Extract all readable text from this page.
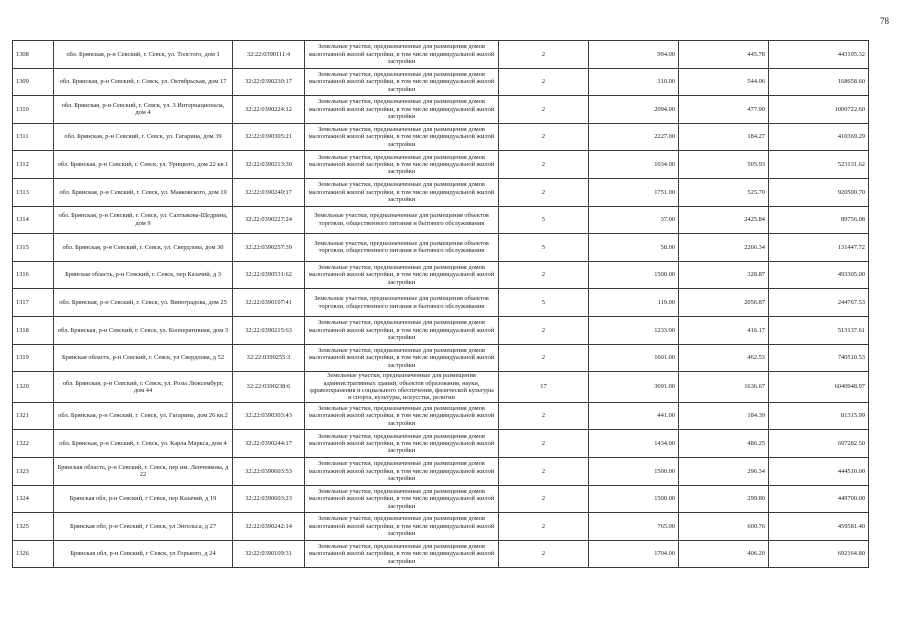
78
1308	обл. Брянская, р-н Севский, г. Севск, ул. Толстого, дом 1	32:22:0390111:4	Земельные участки, предназначенные для размещения домов малоэтажной жилой застройки, в том числе индивидуальной жилой застройки	2	994.00	445.78	443105.32
1309	обл. Брянская, р-н Севский, г. Севск, ул. Октябрьская, дом 17	32:22:0390230:17	Земельные участки, предназначенные для размещения домов малоэтажной жилой застройки, в том числе индивидуальной жилой застройки	2	310.00	544.06	168658.60
1310	обл. Брянская, р-н Севский, г. Севск, ул. 3 Интернационала, дом 4	32:22:0390224:12	Земельные участки, предназначенные для размещения домов малоэтажной жилой застройки, в том числе индивидуальной жилой застройки	2	2094.00	477.90	1000722.60
1311	обл. Брянская, р-н Севский, г. Севск, ул. Гагарина, дом 39	32:22:0390305:21	Земельные участки, предназначенные для размещения домов малоэтажной жилой застройки, в том числе индивидуальной жилой застройки	2	2227.00	184.27	410369.29
1312	обл. Брянская, р-н Севский, г. Севск, ул. Урицкого, дом 22 кв.1	32:22:0390213:30	Земельные участки, предназначенные для размещения домов малоэтажной жилой застройки, в том числе индивидуальной жилой застройки	2	1034.00	505.93	523131.62
1313	обл. Брянская, р-н Севский, г. Севск, ул. Маяковского, дом 19	32:22:0390240:17	Земельные участки, предназначенные для размещения домов малоэтажной жилой застройки, в том числе индивидуальной жилой застройки	2	1751.00	525.70	920500.70
1314	обл. Брянская, р-н Севский, г. Севск, ул. Салтыкова-Щедрина, дом 9	32:22:0390227:24	Земельные участки, предназначенные для размещения объектов торговли, общественного питания и бытового обслуживания	5	37.00	2425.84	89756.08
1315	обл. Брянская, р-н Севский, г. Севск, ул. Свердлова, дом 30	32:22:0390257:39	Земельные участки, предназначенные для размещения объектов торговли, общественного питания и бытового обслуживания	5	58.00	2266.34	131447.72
1316	Брянская область, р-н Севский, г. Севск, пер Казачий, д 3	32:22:0390531:62	Земельные участки, предназначенные для размещения домов малоэтажной жилой застройки, в том числе индивидуальной жилой застройки	2	1500.00	328.87	493305.00
1317	обл. Брянская, р-н Севский, г. Севск, ул. Виноградова, дом 25	32:22:0390107:41	Земельные участки, предназначенные для размещения объектов торговли, общественного питания и бытового обслуживания	5	119.00	2056.87	244767.53
1318	обл. Брянская, р-н Севский, г. Севск, ул. Кооперативная, дом 3	32:22:0390215:63	Земельные участки, предназначенные для размещения домов малоэтажной жилой застройки, в том числе индивидуальной жилой застройки	2	1233.00	416.17	513137.61
1319	Брянская область, р-н Севский, г. Севск, ул Свердлова, д 52	32:22:0390255:3	Земельные участки, предназначенные для размещения домов малоэтажной жилой застройки, в том числе индивидуальной жилой застройки	2	1601.00	462.53	740510.53
1320	обл. Брянская, р-н Севский, г. Севск, ул. Розы Люксембург, дом 44	32:22:0390238:6	Земельные участки, предназначенные для размещения административных зданий, объектов образования, науки, здравоохранения и социального обеспечения, физической культуры и спорта, культуры, искусства, религии	17	3691.00	1636.67	6040948.97
1321	обл. Брянская, р-н Севский, г. Севск, ул. Гагарина, дом 26 кв.2	32:22:0390303:43	Земельные участки, предназначенные для размещения домов малоэтажной жилой застройки, в том числе индивидуальной жилой застройки	2	441.00	184.39	81315.99
1322	обл. Брянская, р-н Севский, г. Севск, ул. Карла Маркса, дом 4	32:22:0390244:17	Земельные участки, предназначенные для размещения домов малоэтажной жилой застройки, в том числе индивидуальной жилой застройки	2	1434.00	486.25	697282.50
1323	Брянская область, р-н Севский, г. Севск, пер им. Ленчевкова, д 22	32:22:0390603:53	Земельные участки, предназначенные для размещения домов малоэтажной жилой застройки, в том числе индивидуальной жилой застройки	2	1500.00	296.34	444510.00
1324	Брянская обл, р-н Севский, г Севск, пер Казачий, д 19	32:22:0390603:23	Земельные участки, предназначенные для размещения домов малоэтажной жилой застройки, в том числе индивидуальной жилой застройки	2	1500.00	299.80	449700.00
1325	Брянская обл, р-н Севский, г Севск, ул Энгельса, д 27	32:22:0390242:14	Земельные участки, предназначенные для размещения домов малоэтажной жилой застройки, в том числе индивидуальной жилой застройки	2	765.00	600.76	459581.40
1326	Брянская обл, р-н Севский, г Севск, ул Горького, д 24	32:22:0390109:31	Земельные участки, предназначенные для размещения домов малоэтажной жилой застройки, в том числе индивидуальной жилой застройки	2	1704.00	406.20	692164.80
